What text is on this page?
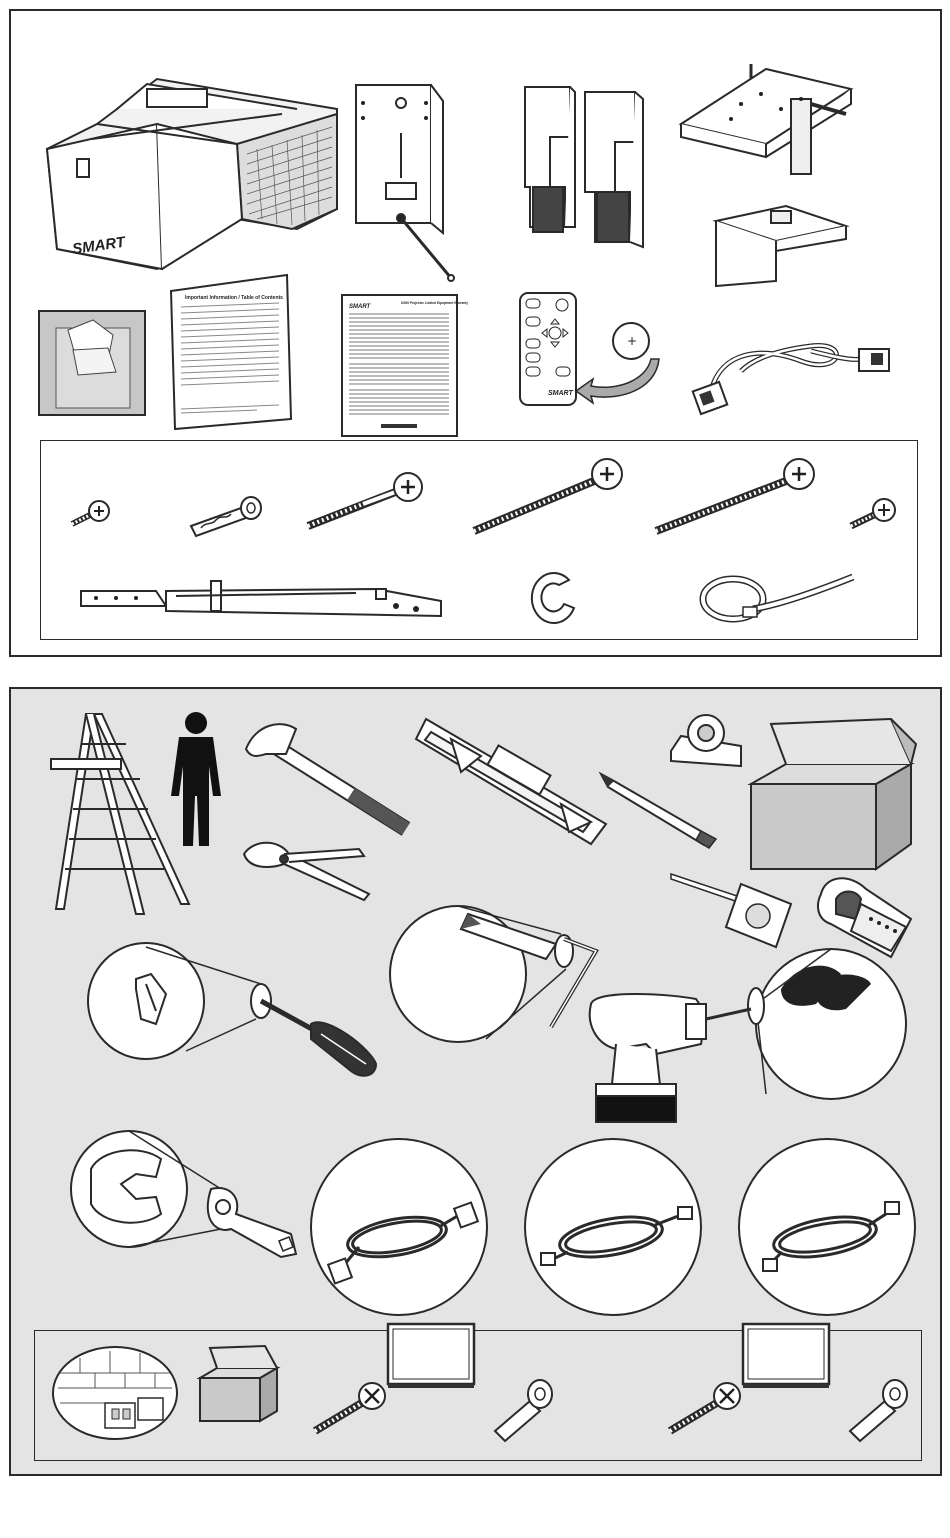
SMART
Important Information / Table of Contents
SMART
UX60 Projector Limited Equipment Warranty
SMART
+
